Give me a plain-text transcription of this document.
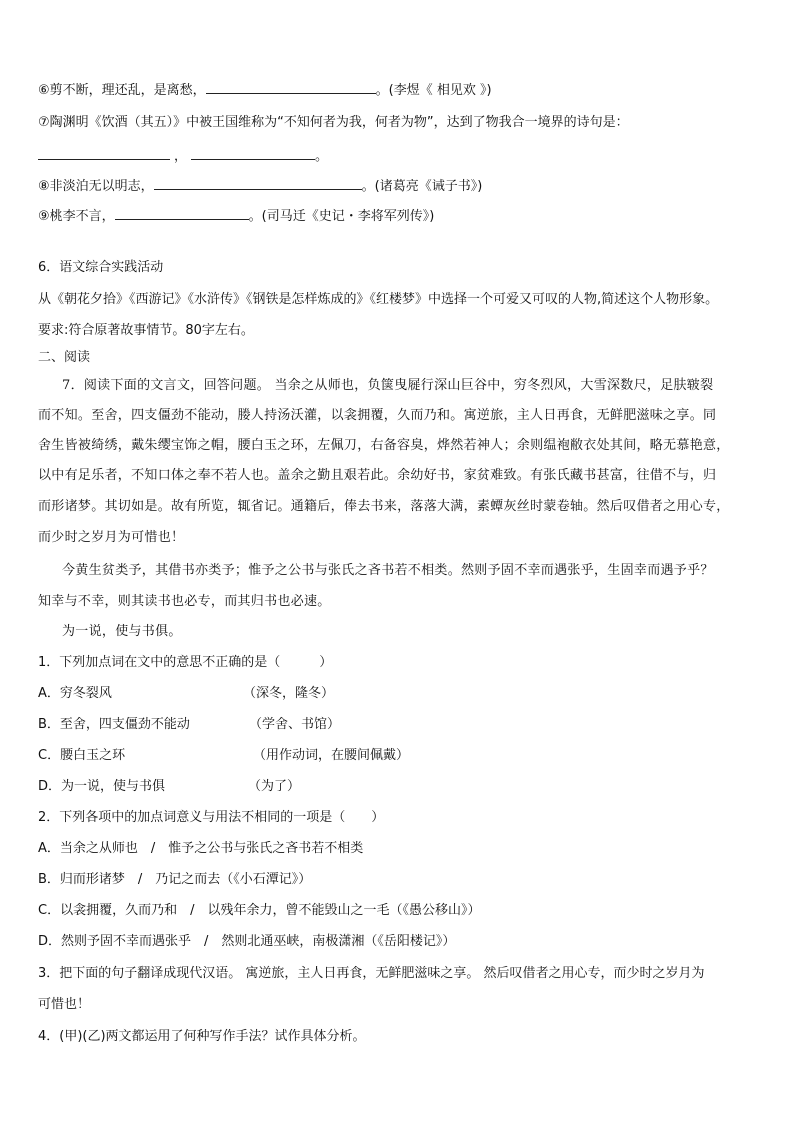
⑥剪不断，理还乱，是离愁，	。(李煜《 相见欢 》)
⑦陶渊明《饮酒（其五）》中被王国维称为“不知何者为我，何者为物”，达到了物我合一境界的诗句是：
，	。
⑧非淡泊无以明志，	。(诸葛亮《诫子书》)
⑨桃李不言，	。(司马迁《史记・李将军列传》)
6．语文综合实践活动
从《朝花夕拾》《西游记》《水浒传》《钢铁是怎样炼成的》《红楼梦》中选择一个可爱又可叹的人物,简述这个人物形象。
要求:符合原著故事情节。80字左右。
二、阅读
7．阅读下面的文言文，回答问题。 当余之从师也，负箧曳屣行深山巨谷中，穷冬烈风，大雪深数尺，足肤皲裂
而不知。至舍，四支僵劲不能动，媵人持汤沃灌，以衾拥覆，久而乃和。寓逆旅，主人日再食，无鲜肥滋味之享。同
舍生皆被绮绣，戴朱缨宝饰之帽，腰白玉之环，左佩刀，右备容臭，烨然若神人；余则缊袍敝衣处其间，略无慕艳意，
以中有足乐者，不知口体之奉不若人也。盖余之勤且艰若此。余幼好书，家贫难致。有张氏藏书甚富，往借不与，归
而形诸梦。其切如是。故有所览，辄省记。通籍后，俸去书来，落落大满，素蟫灰丝时蒙卷轴。然后叹借者之用心专，
而少时之岁月为可惜也！
今黄生贫类予，其借书亦类予；惟予之公书与张氏之吝书若不相类。然则予固不幸而遇张乎，生固幸而遇予乎？
知幸与不幸，则其读书也必专，而其归书也必速。
为一说，使与书俱。
1．下列加点词在文中的意思不正确的是（　　　）
A．穷冬裂风	（深冬，隆冬）
B．至舍，四支僵劲不能动	（学舍、书馆）
C．腰白玉之环	（用作动词，在腰间佩戴）
D．为一说，使与书俱	（为了）
2．下列各项中的加点词意义与用法不相同的一项是（　　）
A．当余之从师也　/　惟予之公书与张氏之吝书若不相类
B．归而形诸梦　/　乃记之而去（《小石潭记》）
C．以衾拥覆，久而乃和　/　以残年余力，曾不能毁山之一毛（《愚公移山》）
D．然则予固不幸而遇张乎　/　然则北通巫峡，南极潇湘（《岳阳楼记》）
3．把下面的句子翻译成现代汉语。 寓逆旅，主人日再食，无鲜肥滋味之享。 然后叹借者之用心专，而少时之岁月为
可惜也！
4．(甲)(乙)两文都运用了何种写作手法？试作具体分析。
